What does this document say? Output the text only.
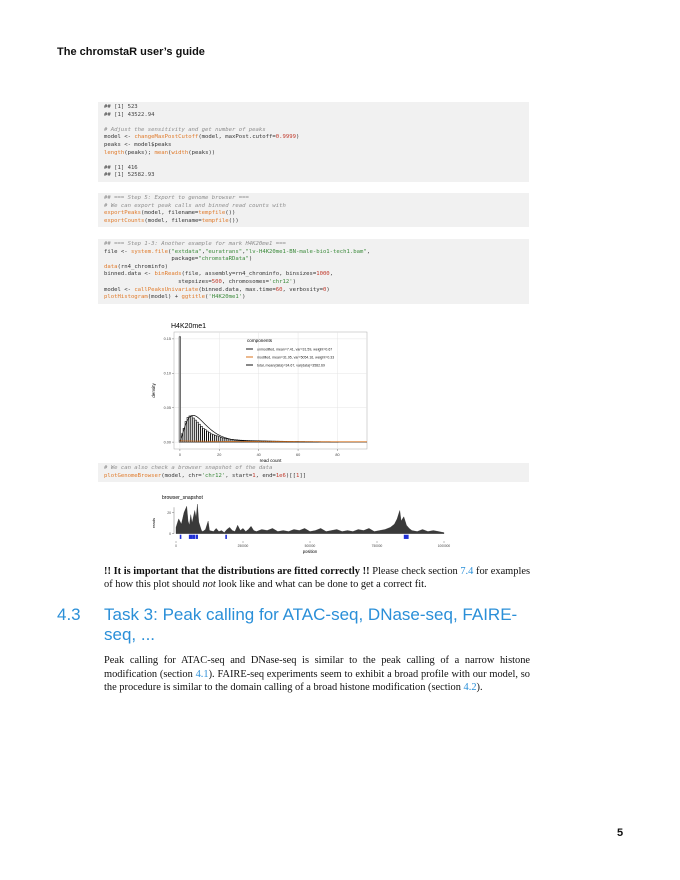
The chromstaR user’s guide
## [1] 523
## [1] 43522.94
# Adjust the sensitivity and get number of peaks
model <- changeMaxPostCutoff(model, maxPost.cutoff=0.9999)
peaks <- model$peaks
length(peaks); mean(width(peaks))
## [1] 416
## [1] 52582.93
## === Step 5: Export to genome browser ===
# We can export peak calls and binned read counts with
exportPeaks(model, filename=tempfile())
exportCounts(model, filename=tempfile())
## === Step 1-3: Another example for mark H4K20me1 ===
file <- system.file("extdata","euratrans","lv-H4K20me1-BN-male-bio1-tech1.bam",
package="chromstaRData")
data(rn4_chrominfo)
binned.data <- binReads(file, assembly=rn4_chrominfo, binsizes=1000,
stepsizes=500, chromosomes='chr12')
model <- callPeaksUnivariate(binned.data, max.time=60, verbosity=0)
plotHistogram(model) + ggtitle('H4K20me1')
H4K20me1
0	20	40	60	80
0.00
0.05
0.10
0.15	components
unmodified, mean=7.41, var=31.59, weight=0.67
modified, mean=31.95, var=5054.16, weight=0.33
total, mean(data)=34.67, var(data)=3582.69
read count
density
# We can also check a browser snapshot of the data
plotGenomeBrowser(model, chr='chr12', start=1, end=1e6)[[1]]
browser_snapshot
0
20
0	250000	500000	750000	1000000
position
reads
!! It is important that the distributions are fitted correctly !! Please check section 7.4 for examples of how this plot should not look like and what can be done to get a correct fit.
4.3 Task 3: Peak calling for ATAC-seq, DNase-seq, FAIRE-seq, ...
Peak calling for ATAC-seq and DNase-seq is similar to the peak calling of a narrow histone modification (section 4.1). FAIRE-seq experiments seem to exhibit a broad profile with our model, so the procedure is similar to the domain calling of a broad histone modification (section 4.2).
5
